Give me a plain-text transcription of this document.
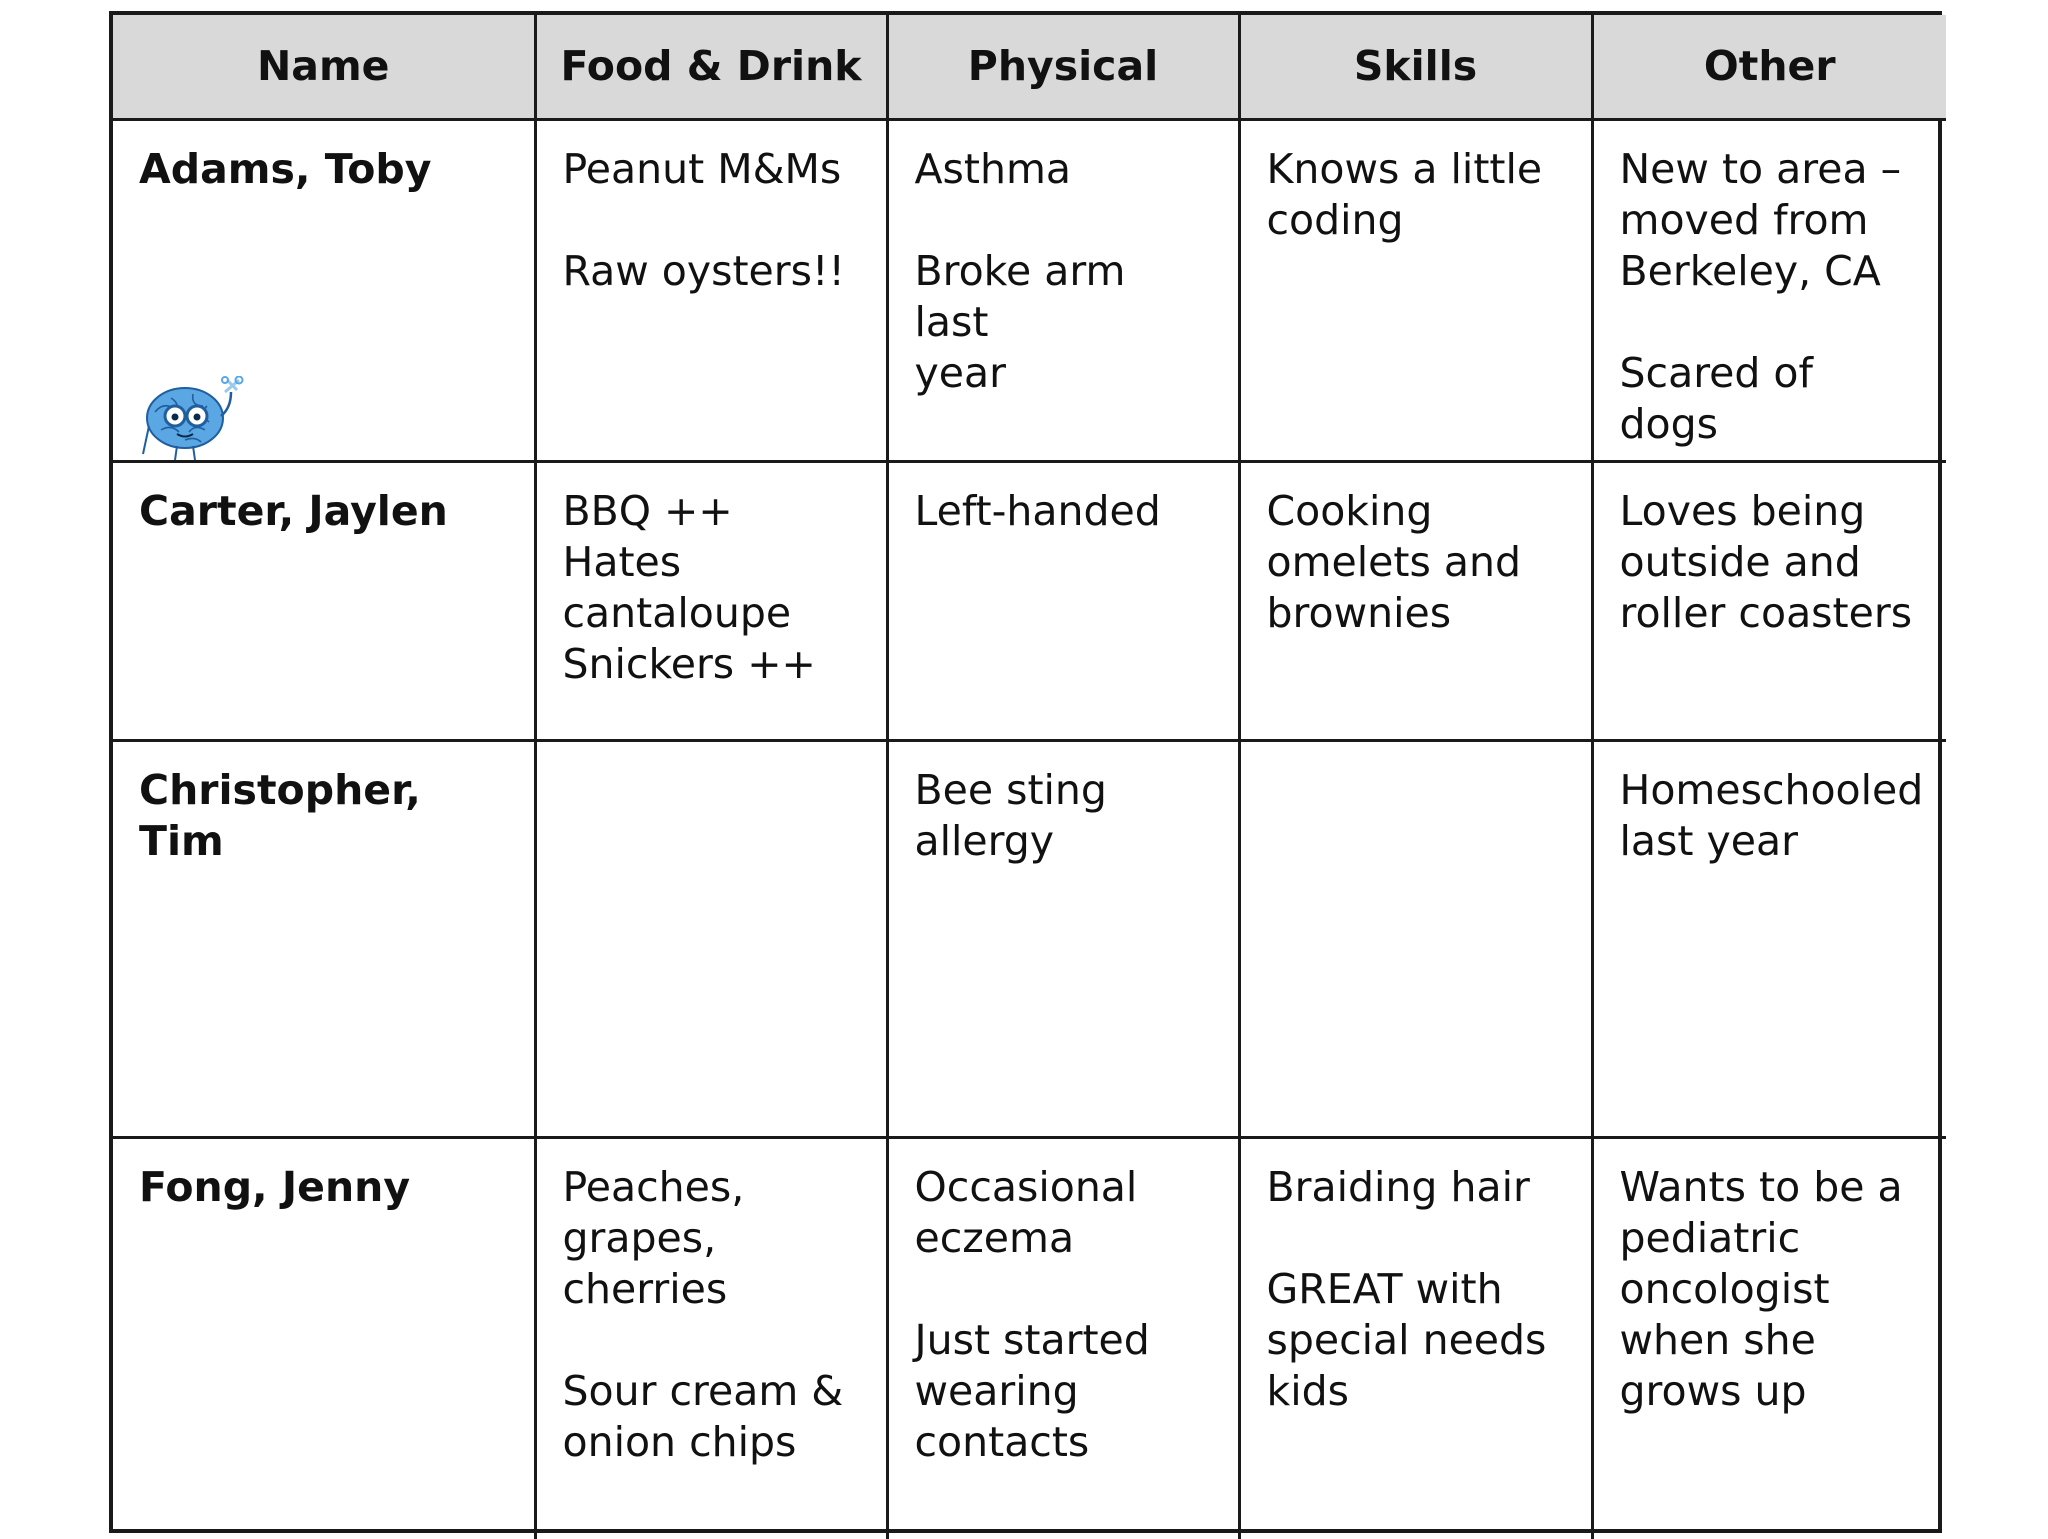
Name	Food & Drink	Physical	Skills	Other

Adams, Toby	Peanut M&Ms
Raw oysters!!	Asthma
Broke arm last
year	Knows a little
coding	New to area –
moved from
Berkeley, CA
Scared of dogs

Carter, Jaylen	BBQ ++
Hates
cantaloupe
Snickers ++	Left-handed	Cooking
omelets and
brownies	Loves being
outside and
roller coasters

Christopher, Tim		Bee sting
allergy		Homeschooled
last year

Fong, Jenny	Peaches,
grapes,
cherries
Sour cream &
onion chips	Occasional
eczema
Just started
wearing
contacts	Braiding hair
GREAT with
special needs
kids	Wants to be a
pediatric
oncologist
when she
grows up
